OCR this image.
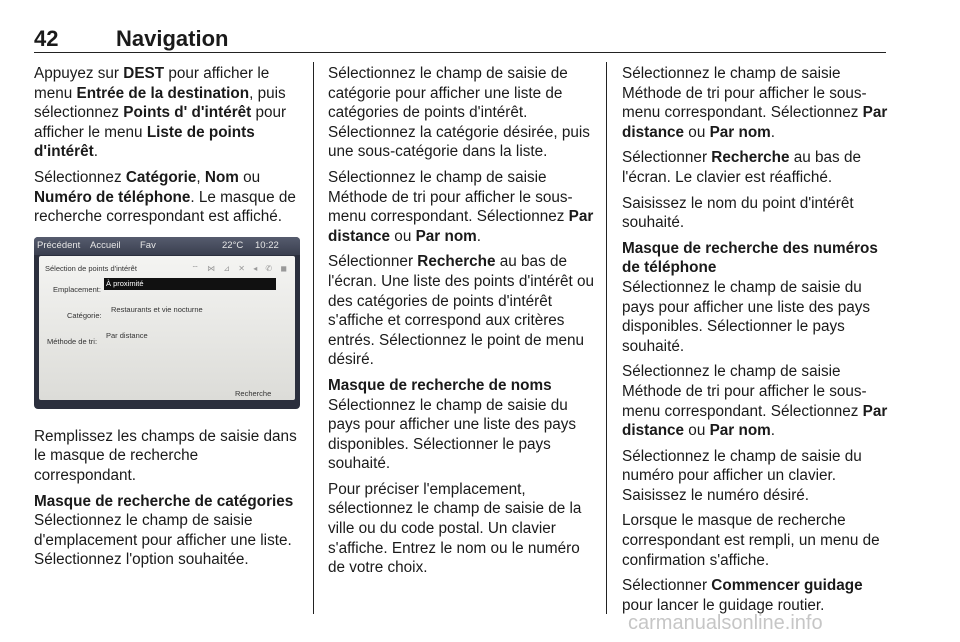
42	Navigation

Appuyez sur DEST pour afficher le menu Entrée de la destination, puis sélectionnez Points d' d'intérêt pour afficher le menu Liste de points d'intérêt.

Sélectionnez Catégorie, Nom ou Numéro de téléphone. Le masque de recherche correspondant est affiché.

Précédent Accueil Fav	22°C 10:22
Sélection de points d'intérêt	⌔ ⋈ ⊿ ✕ ◂ ✆ ◼
Emplacement:
À proximité
Catégorie:
Restaurants et vie nocturne
Méthode de tri:
Par distance
Recherche

Remplissez les champs de saisie dans le masque de recherche correspondant.

Masque de recherche de catégories

Sélectionnez le champ de saisie d'emplacement pour afficher une liste. Sélectionnez l'option souhaitée.

Sélectionnez le champ de saisie de catégorie pour afficher une liste de catégories de points d'intérêt. Sélectionnez la catégorie désirée, puis une sous-catégorie dans la liste.

Sélectionnez le champ de saisie Méthode de tri pour afficher le sous-menu correspondant. Sélectionnez Par distance ou Par nom.

Sélectionner Recherche au bas de l'écran. Une liste des points d'intérêt ou des catégories de points d'intérêt s'affiche et correspond aux critères entrés. Sélectionnez le point de menu désiré.

Masque de recherche de noms

Sélectionnez le champ de saisie du pays pour afficher une liste des pays disponibles. Sélectionner le pays souhaité.

Pour préciser l'emplacement, sélectionnez le champ de saisie de la ville ou du code postal. Un clavier s'affiche. Entrez le nom ou le numéro de votre choix.

Sélectionnez le champ de saisie Méthode de tri pour afficher le sous-menu correspondant. Sélectionnez Par distance ou Par nom.

Sélectionner Recherche au bas de l'écran. Le clavier est réaffiché.

Saisissez le nom du point d'intérêt souhaité.

Masque de recherche des numéros de téléphone

Sélectionnez le champ de saisie du pays pour afficher une liste des pays disponibles. Sélectionner le pays souhaité.

Sélectionnez le champ de saisie Méthode de tri pour afficher le sous-menu correspondant. Sélectionnez Par distance ou Par nom.

Sélectionnez le champ de saisie du numéro pour afficher un clavier. Saisissez le numéro désiré.

Lorsque le masque de recherche correspondant est rempli, un menu de confirmation s'affiche.

Sélectionner Commencer guidage pour lancer le guidage routier.

carmanualsonline.info
